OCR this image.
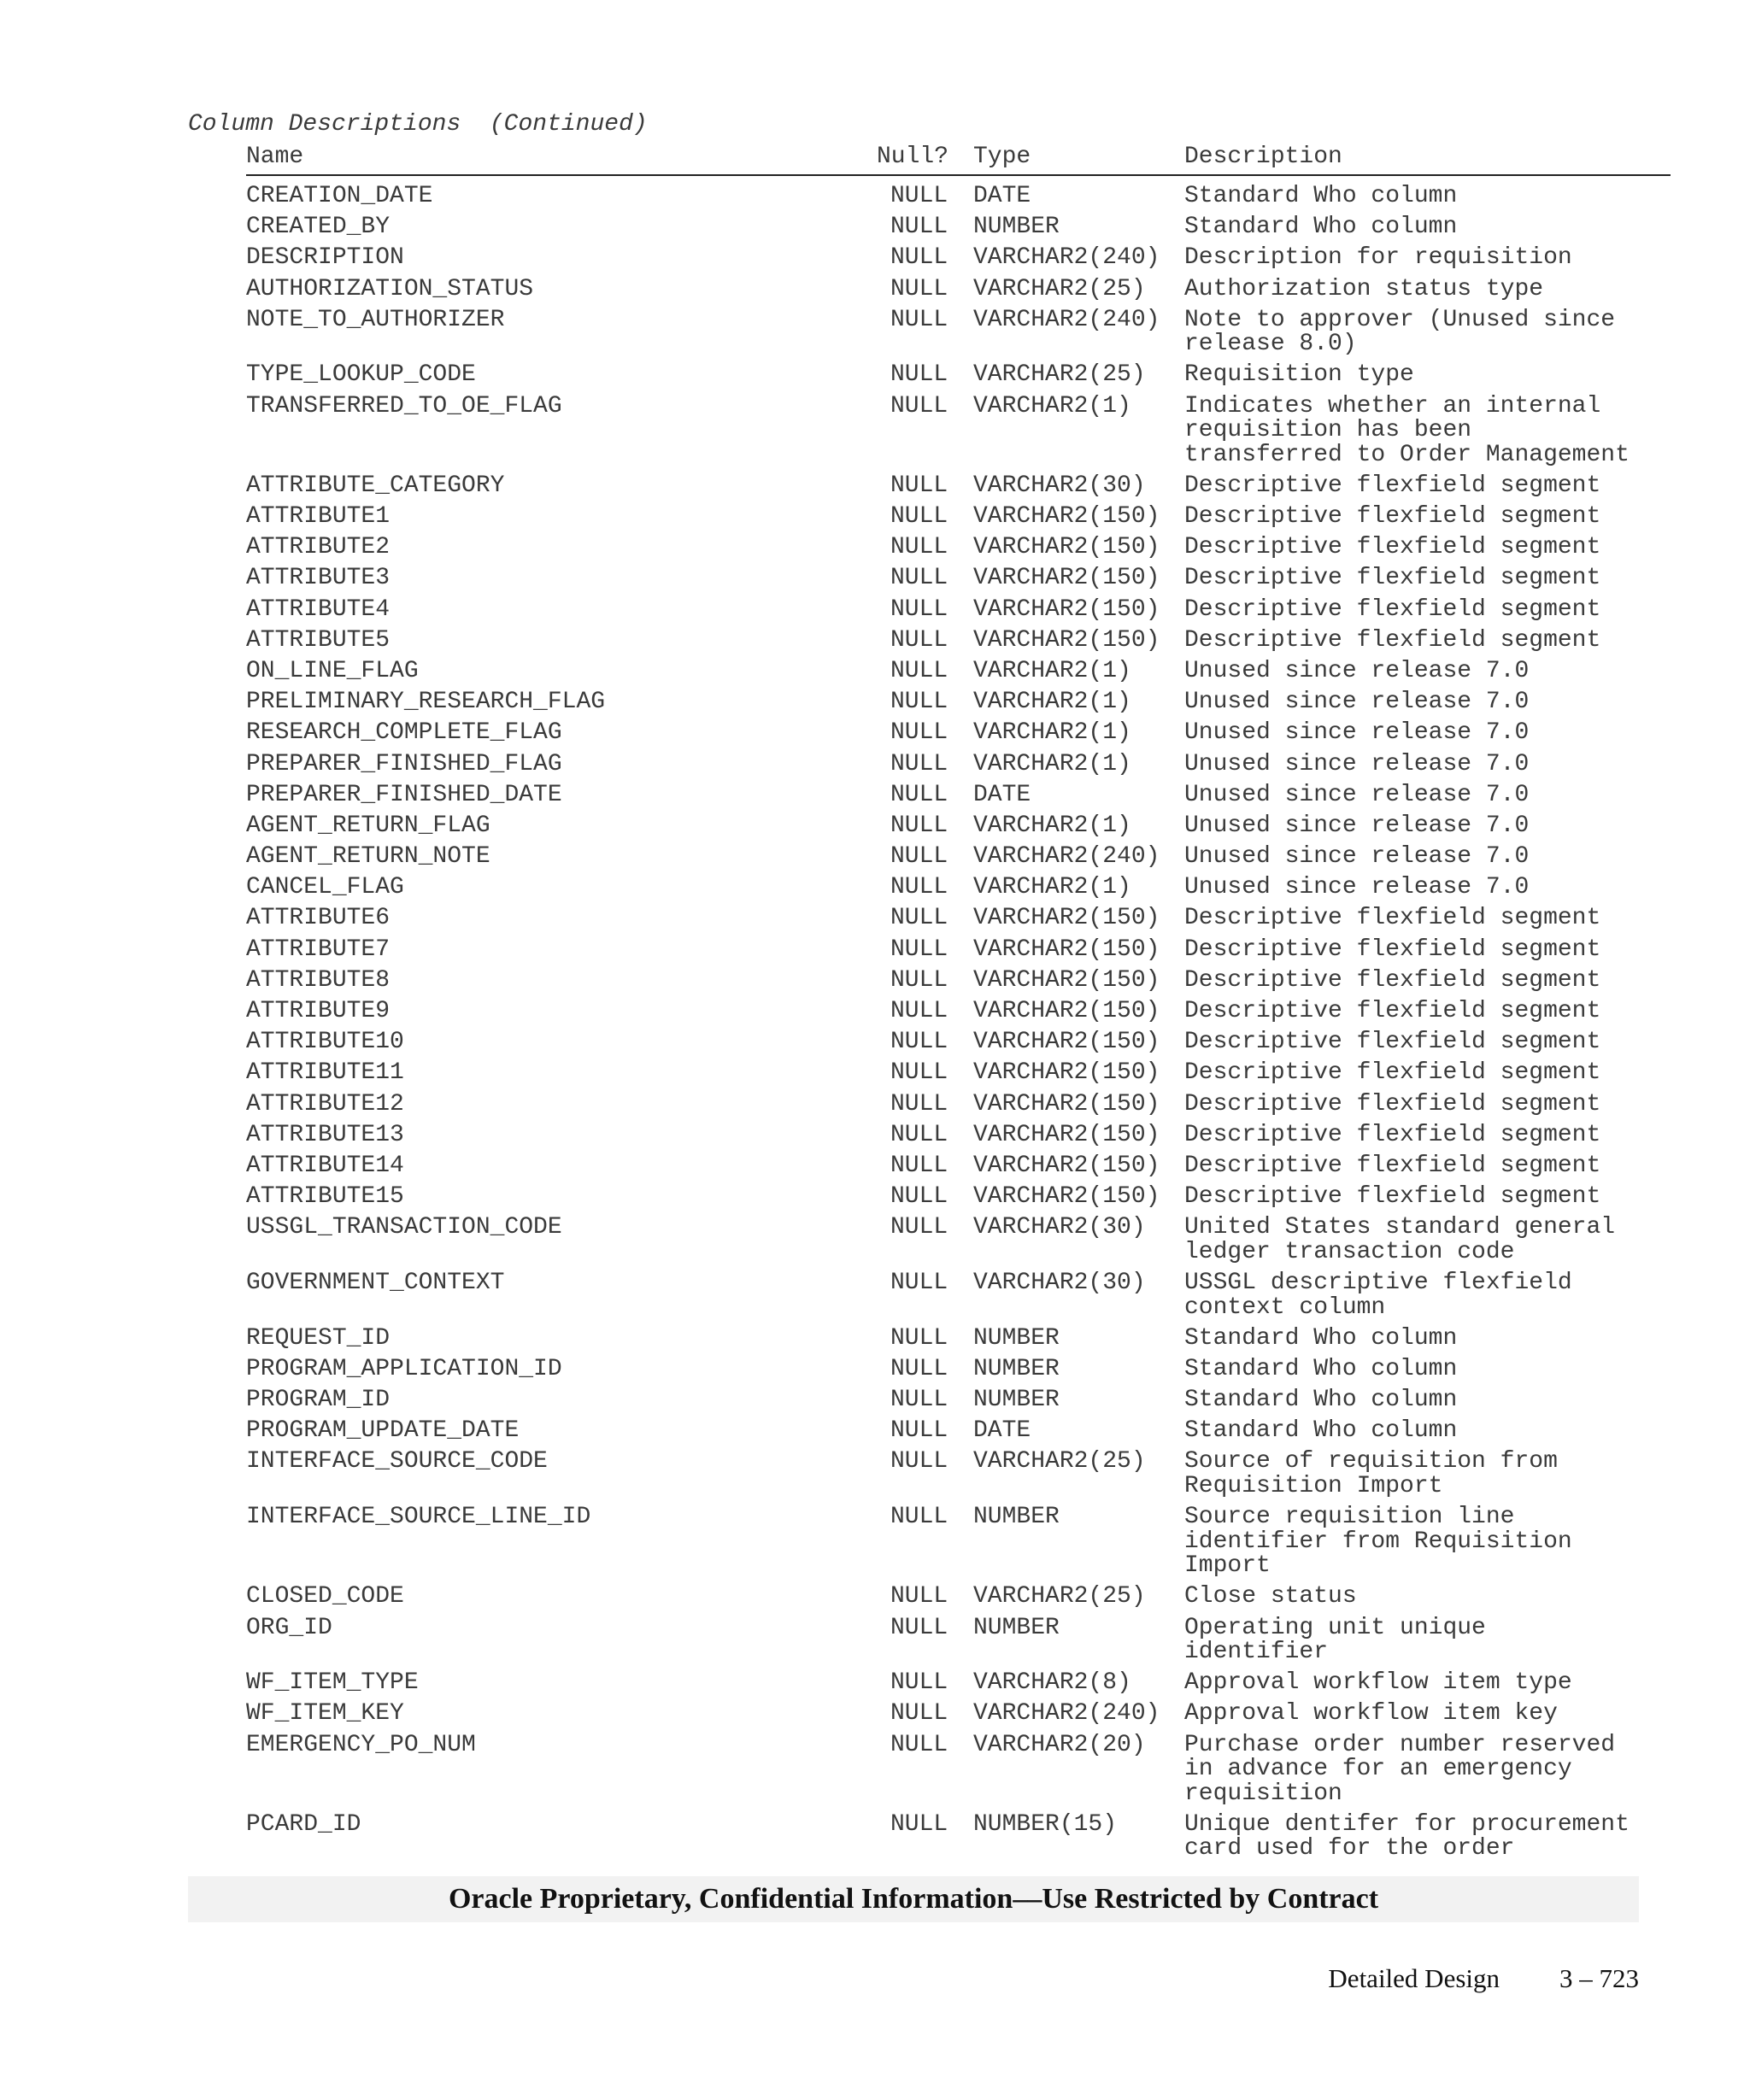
Column Descriptions  (Continued)
Name	Null? Type	Description
CREATION_DATE	NULL DATE	Standard Who column
CREATED_BY	NULL NUMBER	Standard Who column
DESCRIPTION	NULL VARCHAR2(240) Description for requisition
AUTHORIZATION_STATUS	NULL VARCHAR2(25) Authorization status type
NOTE_TO_AUTHORIZER	NULL VARCHAR2(240) Note to approver (Unused since
release 8.0)
TYPE_LOOKUP_CODE	NULL VARCHAR2(25) Requisition type
TRANSFERRED_TO_OE_FLAG	NULL VARCHAR2(1) Indicates whether an internal
requisition has been
transferred to Order Management
ATTRIBUTE_CATEGORY	NULL VARCHAR2(30) Descriptive flexfield segment
ATTRIBUTE1	NULL VARCHAR2(150) Descriptive flexfield segment
ATTRIBUTE2	NULL VARCHAR2(150) Descriptive flexfield segment
ATTRIBUTE3	NULL VARCHAR2(150) Descriptive flexfield segment
ATTRIBUTE4	NULL VARCHAR2(150) Descriptive flexfield segment
ATTRIBUTE5	NULL VARCHAR2(150) Descriptive flexfield segment
ON_LINE_FLAG	NULL VARCHAR2(1) Unused since release 7.0
PRELIMINARY_RESEARCH_FLAG	NULL VARCHAR2(1) Unused since release 7.0
RESEARCH_COMPLETE_FLAG	NULL VARCHAR2(1) Unused since release 7.0
PREPARER_FINISHED_FLAG	NULL VARCHAR2(1) Unused since release 7.0
PREPARER_FINISHED_DATE	NULL DATE	Unused since release 7.0
AGENT_RETURN_FLAG	NULL VARCHAR2(1) Unused since release 7.0
AGENT_RETURN_NOTE	NULL VARCHAR2(240) Unused since release 7.0
CANCEL_FLAG	NULL VARCHAR2(1) Unused since release 7.0
ATTRIBUTE6	NULL VARCHAR2(150) Descriptive flexfield segment
ATTRIBUTE7	NULL VARCHAR2(150) Descriptive flexfield segment
ATTRIBUTE8	NULL VARCHAR2(150) Descriptive flexfield segment
ATTRIBUTE9	NULL VARCHAR2(150) Descriptive flexfield segment
ATTRIBUTE10	NULL VARCHAR2(150) Descriptive flexfield segment
ATTRIBUTE11	NULL VARCHAR2(150) Descriptive flexfield segment
ATTRIBUTE12	NULL VARCHAR2(150) Descriptive flexfield segment
ATTRIBUTE13	NULL VARCHAR2(150) Descriptive flexfield segment
ATTRIBUTE14	NULL VARCHAR2(150) Descriptive flexfield segment
ATTRIBUTE15	NULL VARCHAR2(150) Descriptive flexfield segment
USSGL_TRANSACTION_CODE	NULL VARCHAR2(30) United States standard general
ledger transaction code
GOVERNMENT_CONTEXT	NULL VARCHAR2(30) USSGL descriptive flexfield
context column
REQUEST_ID	NULL NUMBER	Standard Who column
PROGRAM_APPLICATION_ID	NULL NUMBER	Standard Who column
PROGRAM_ID	NULL NUMBER	Standard Who column
PROGRAM_UPDATE_DATE	NULL DATE	Standard Who column
INTERFACE_SOURCE_CODE	NULL VARCHAR2(25) Source of requisition from
Requisition Import
INTERFACE_SOURCE_LINE_ID	NULL NUMBER	Source requisition line
identifier from Requisition
Import
CLOSED_CODE	NULL VARCHAR2(25) Close status
ORG_ID	NULL NUMBER	Operating unit unique
identifier
WF_ITEM_TYPE	NULL VARCHAR2(8) Approval workflow item type
WF_ITEM_KEY	NULL VARCHAR2(240) Approval workflow item key
EMERGENCY_PO_NUM	NULL VARCHAR2(20) Purchase order number reserved
in advance for an emergency
requisition
PCARD_ID	NULL NUMBER(15)	Unique dentifer for procurement
card used for the order
Oracle Proprietary, Confidential Information––Use Restricted by Contract
Detailed Design 3 – 723
